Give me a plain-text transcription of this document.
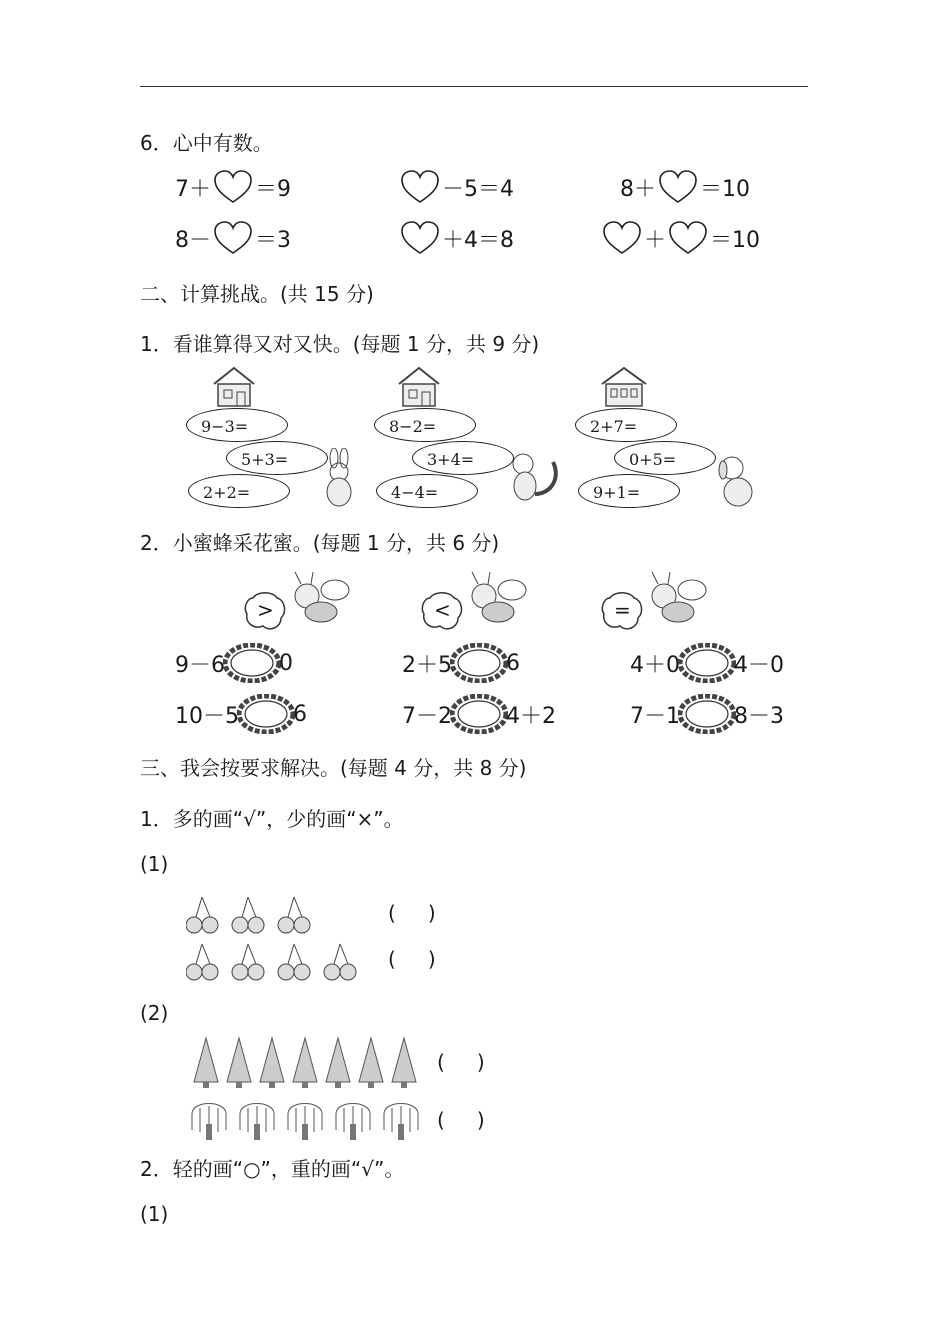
6．心中有数。
7＋ ＝9	－5＝4	8＋ ＝10
8－ ＝3	＋4＝8	＋ ＝10
二、计算挑战。(共 15 分)
1．看谁算得又对又快。(每题 1 分，共 9 分)
9−3=
5+3=
2+2=
8−2=
3+4=
4−4=
2+7=
0+5=
9+1=
2．小蜜蜂采花蜜。(每题 1 分，共 6 分)
>	<	=
9－6 0	2＋5 6	4＋0 4－0
10－5 6	7－2 4＋2	7－1 8－3
三、我会按要求解决。(每题 4 分，共 8 分)
1．多的画“√”，少的画“×”。
(1)
( )
( )
(2)
( )
( )
2．轻的画“○”，重的画“√”。
(1)
